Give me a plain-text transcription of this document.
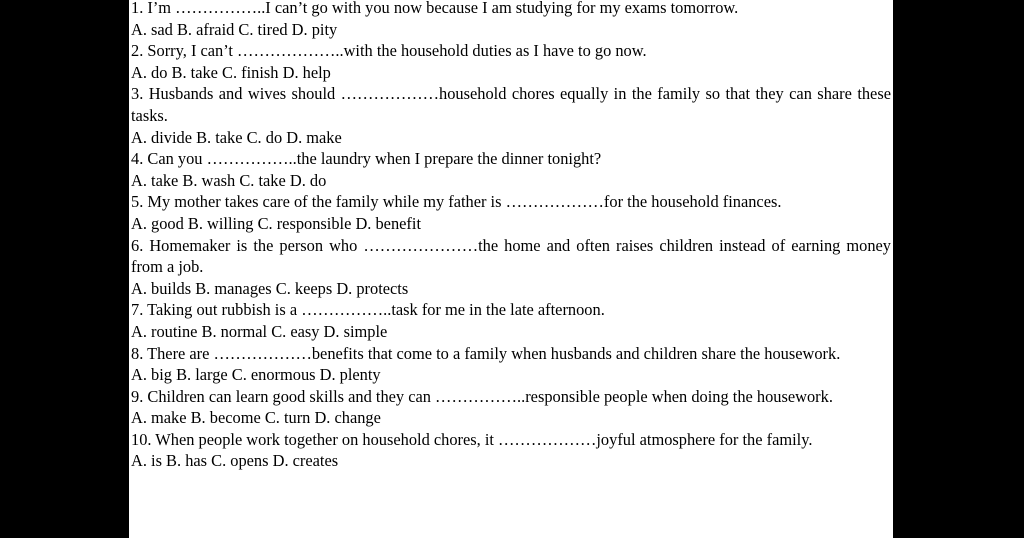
1. I’m ……………..I can’t go with you now because I am studying for my exams tomorrow.
A. sad B. afraid C. tired D. pity
2. Sorry, I can’t ………………..with the household duties as I have to go now.
A. do B. take C. finish D. help
3. Husbands and wives should ………………household chores equally in the family so that they can share these tasks.
A. divide B. take C. do D. make
4. Can you ……………..the laundry when I prepare the dinner tonight?
A. take B. wash C. take D. do
5. My mother takes care of the family while my father is ………………for the household finances.
A. good B. willing C. responsible D. benefit
6. Homemaker is the person who …………………the home and often raises children instead of earning money from a job.
A. builds B. manages C. keeps D. protects
7. Taking out rubbish is a ……………..task for me in the late afternoon.
A. routine B. normal C. easy D. simple
8. There are ………………benefits that come to a family when husbands and children share the housework.
A. big B. large C. enormous D. plenty
9. Children can learn good skills and they can ……………..responsible people when doing the housework.
A. make B. become C. turn D. change
10. When people work together on household chores, it ………………joyful atmosphere for the family.
A. is B. has C. opens D. creates
